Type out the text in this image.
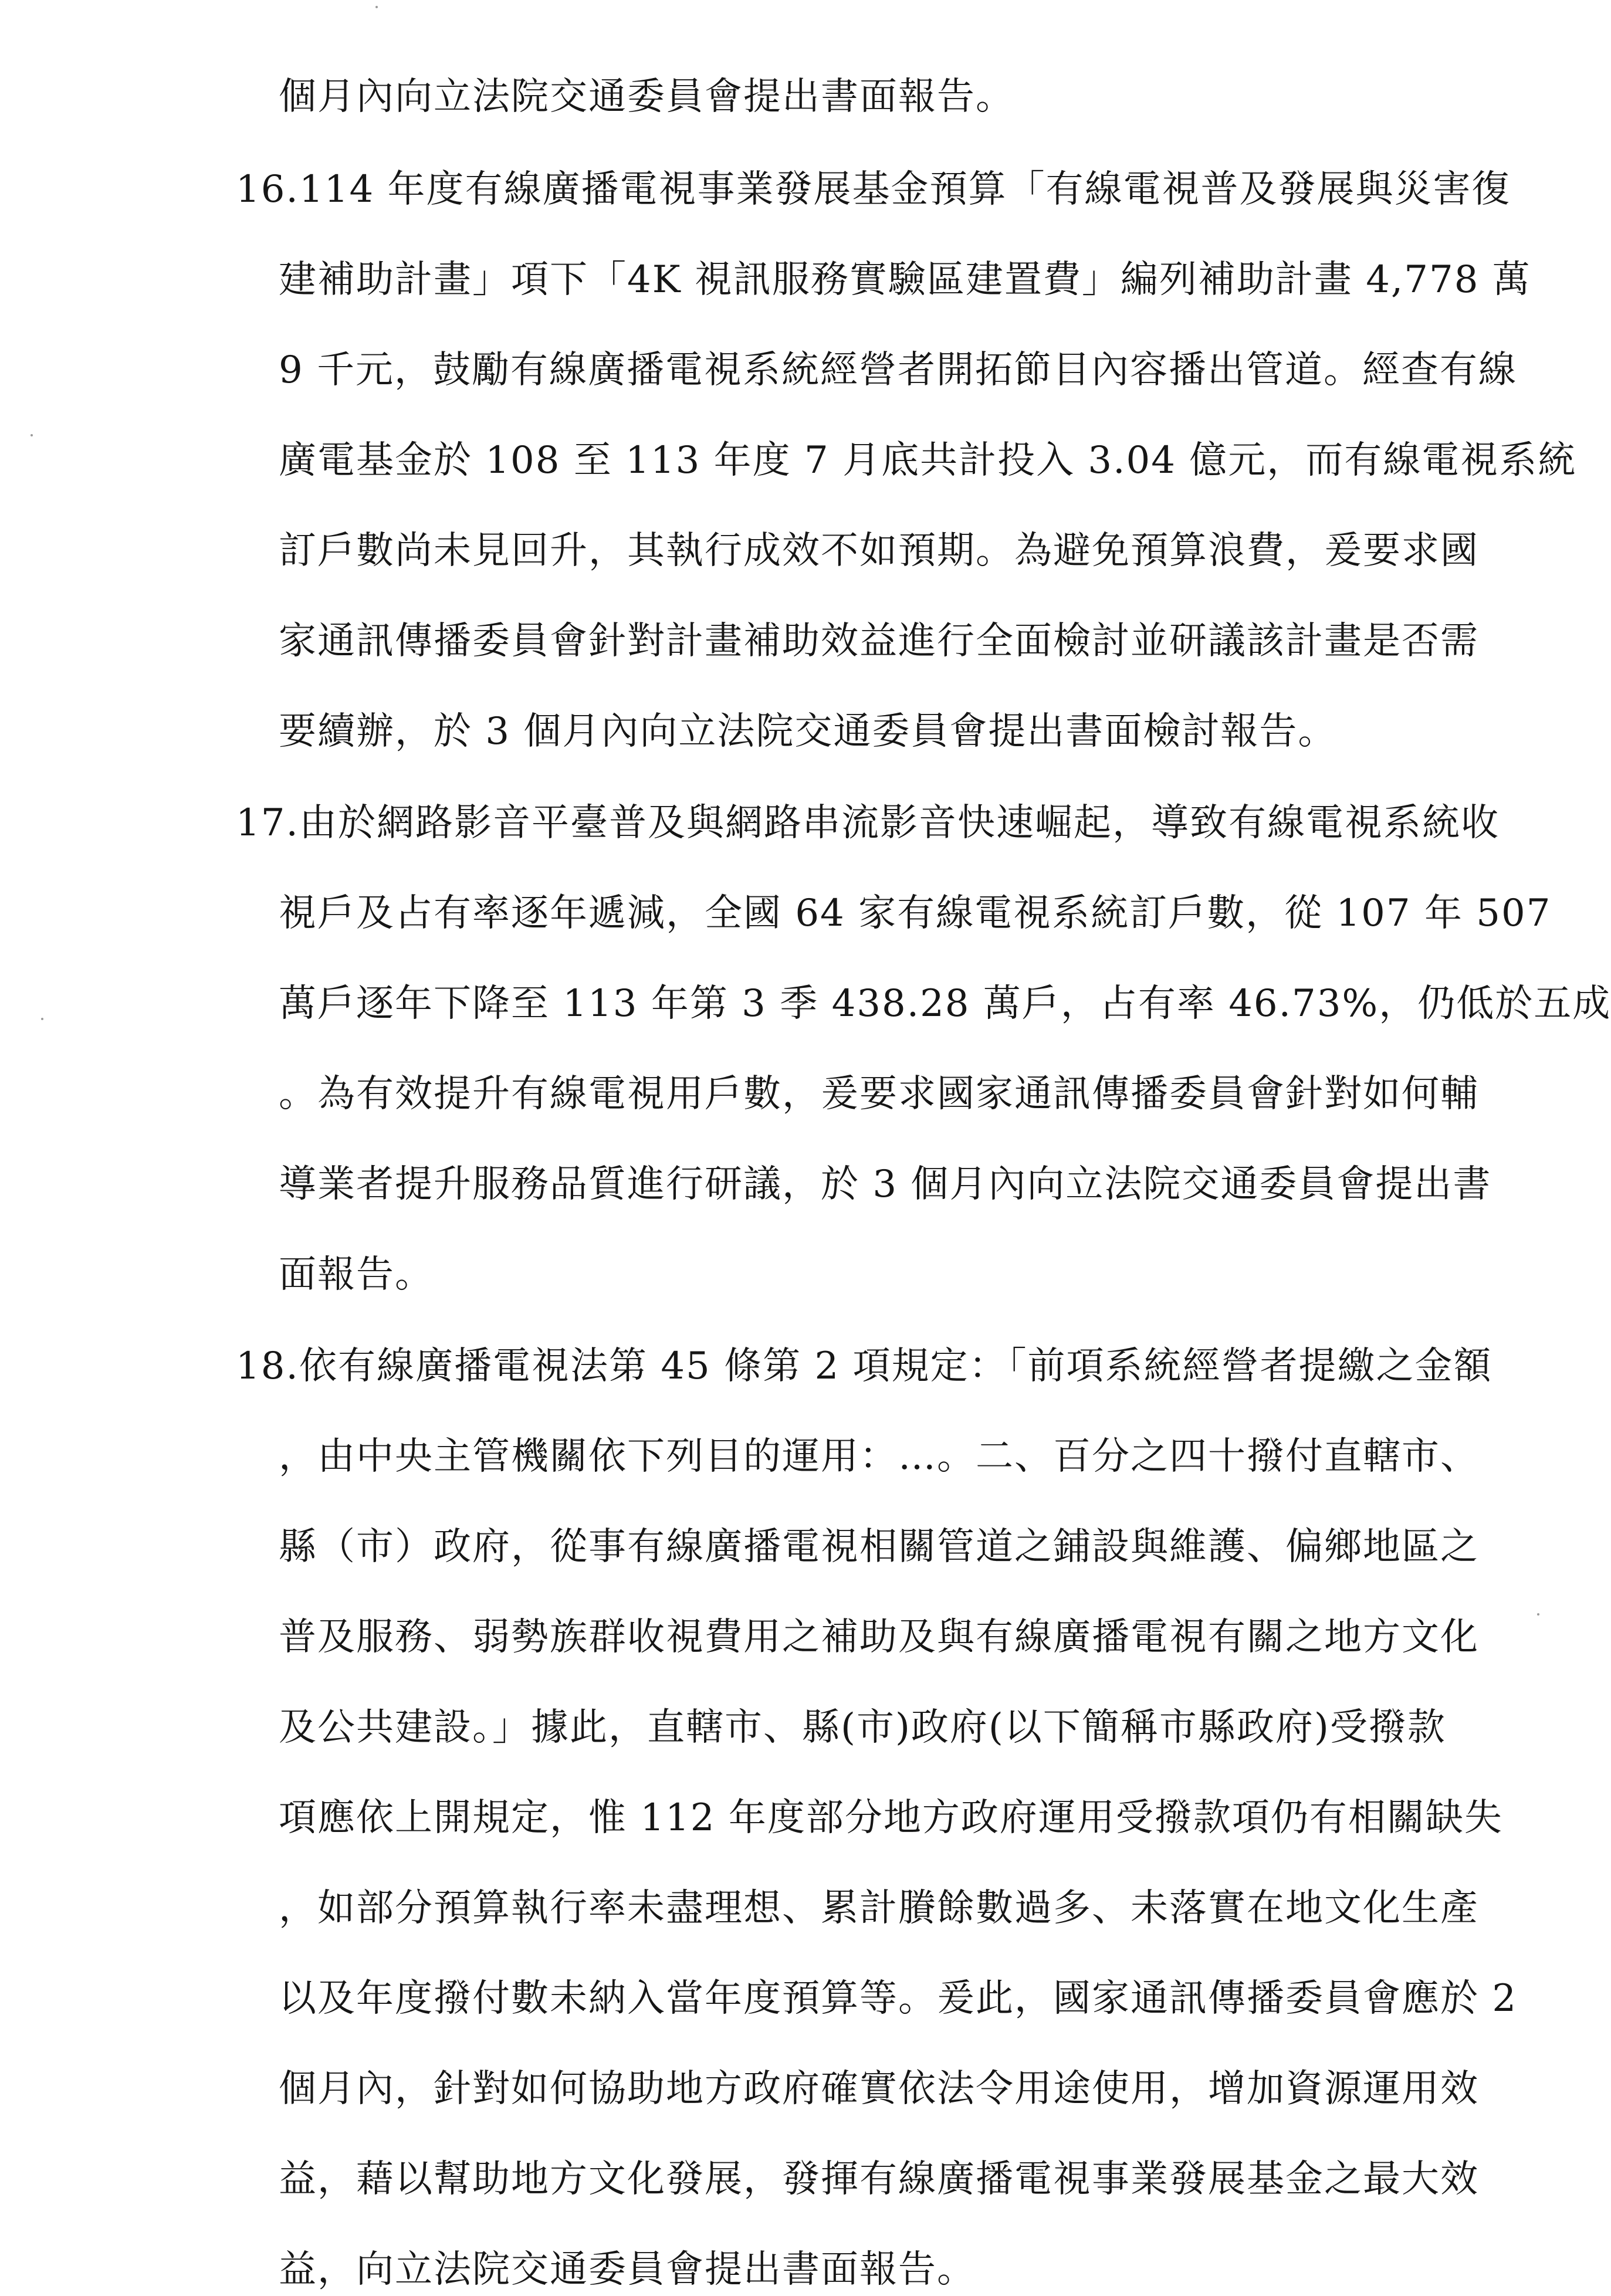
個月內向立法院交通委員會提出書面報告。
16. 114 年度有線廣播電視事業發展基金預算「有線電視普及發展與災害復
建補助計畫」項下「4K 視訊服務實驗區建置費」編列補助計畫 4,778 萬
9 千元，鼓勵有線廣播電視系統經營者開拓節目內容播出管道。經查有線
廣電基金於 108 至 113 年度 7 月底共計投入 3.04 億元，而有線電視系統
訂戶數尚未見回升，其執行成效不如預期。為避免預算浪費，爰要求國
家通訊傳播委員會針對計畫補助效益進行全面檢討並研議該計畫是否需
要續辦，於 3 個月內向立法院交通委員會提出書面檢討報告。
17. 由於網路影音平臺普及與網路串流影音快速崛起，導致有線電視系統收
視戶及占有率逐年遞減，全國 64 家有線電視系統訂戶數，從 107 年 507
萬戶逐年下降至 113 年第 3 季 438.28 萬戶，占有率 46.73%，仍低於五成
。為有效提升有線電視用戶數，爰要求國家通訊傳播委員會針對如何輔
導業者提升服務品質進行研議，於 3 個月內向立法院交通委員會提出書
面報告。
18. 依有線廣播電視法第 45 條第 2 項規定：「前項系統經營者提繳之金額
，由中央主管機關依下列目的運用：…。二、百分之四十撥付直轄市、
縣（市）政府，從事有線廣播電視相關管道之鋪設與維護、偏鄉地區之
普及服務、弱勢族群收視費用之補助及與有線廣播電視有關之地方文化
及公共建設。」據此，直轄市、縣(市)政府(以下簡稱市縣政府)受撥款
項應依上開規定，惟 112 年度部分地方政府運用受撥款項仍有相關缺失
，如部分預算執行率未盡理想、累計賸餘數過多、未落實在地文化生產
以及年度撥付數未納入當年度預算等。爰此，國家通訊傳播委員會應於 2
個月內，針對如何協助地方政府確實依法令用途使用，增加資源運用效
益，藉以幫助地方文化發展，發揮有線廣播電視事業發展基金之最大效
益，向立法院交通委員會提出書面報告。
